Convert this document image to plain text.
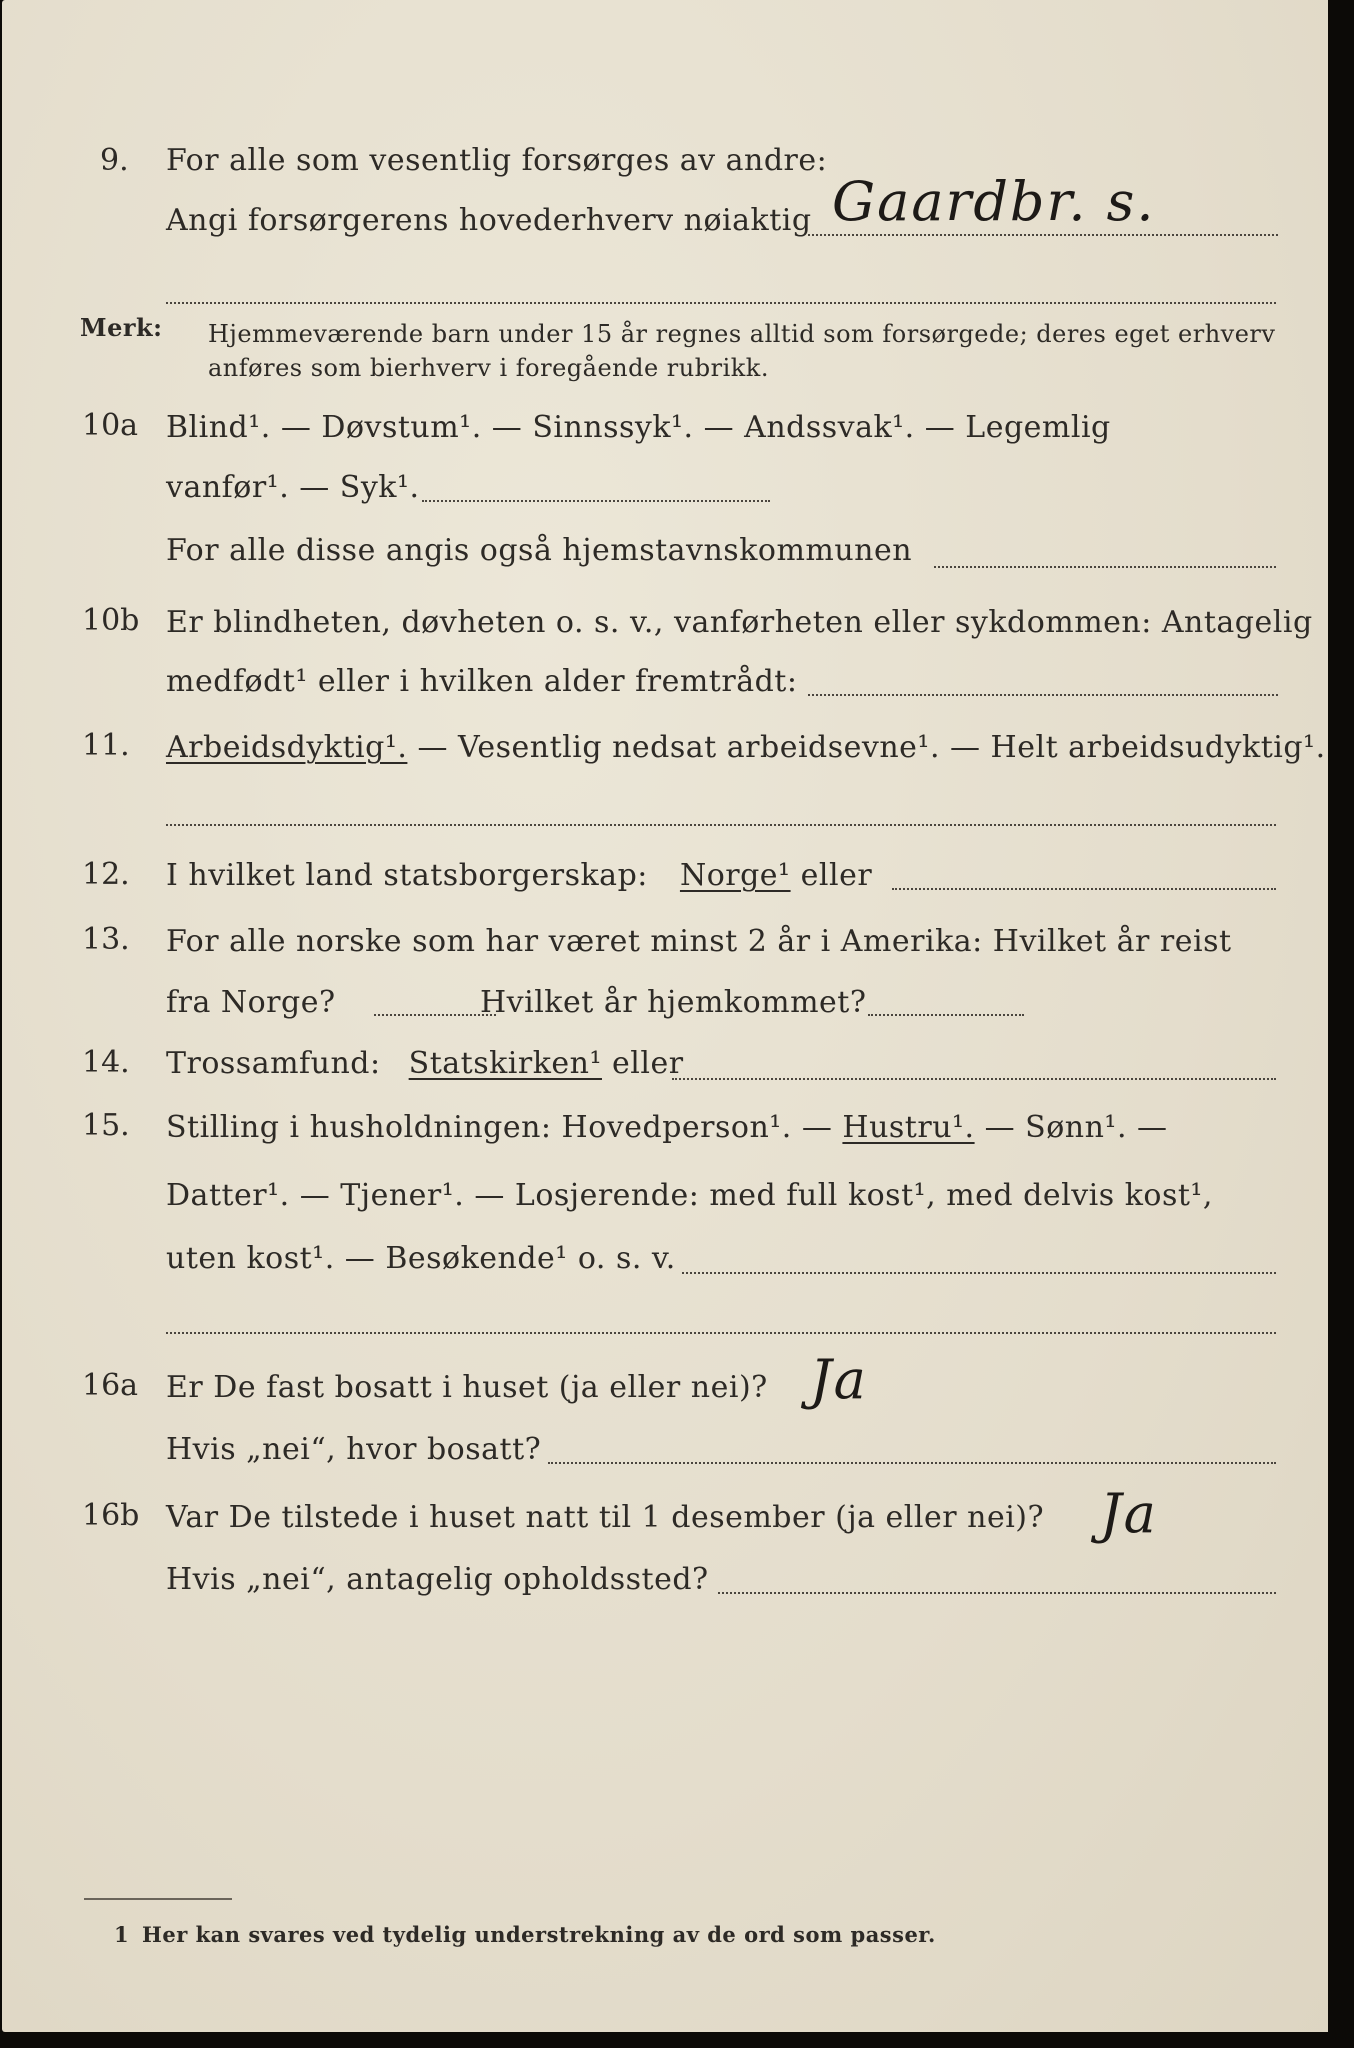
9. For alle som vesentlig forsørges av andre:
Angi forsørgerens hovederhverv nøiaktig Gaardbr. s.
Merk: Hjemmeværende barn under 15 år regnes alltid som forsørgede; deres eget erhverv
anføres som bierhverv i foregående rubrikk.
10a Blind¹. — Døvstum¹. — Sinnssyk¹. — Andssvak¹. — Legemlig
vanfør¹. — Syk¹.
For alle disse angis også hjemstavnskommunen
10b Er blindheten, døvheten o. s. v., vanførheten eller sykdommen: Antagelig
medfødt¹ eller i hvilken alder fremtrådt:
11. Arbeidsdyktig¹. — Vesentlig nedsat arbeidsevne¹. — Helt arbeidsudyktig¹.
12. I hvilket land statsborgerskap: Norge¹ eller
13. For alle norske som har været minst 2 år i Amerika: Hvilket år reist
fra Norge?	Hvilket år hjemkommet?
14. Trossamfund: Statskirken¹ eller
15. Stilling i husholdningen: Hovedperson¹. — Hustru¹. — Sønn¹. —
Datter¹. — Tjener¹. — Losjerende: med full kost¹, med delvis kost¹,
uten kost¹. — Besøkende¹ o. s. v.
16a Er De fast bosatt i huset (ja eller nei)? Ja
Hvis „nei“, hvor bosatt?
16b Var De tilstede i huset natt til 1 desember (ja eller nei)? Ja
Hvis „nei“, antagelig opholdssted?
1 Her kan svares ved tydelig understrekning av de ord som passer.
